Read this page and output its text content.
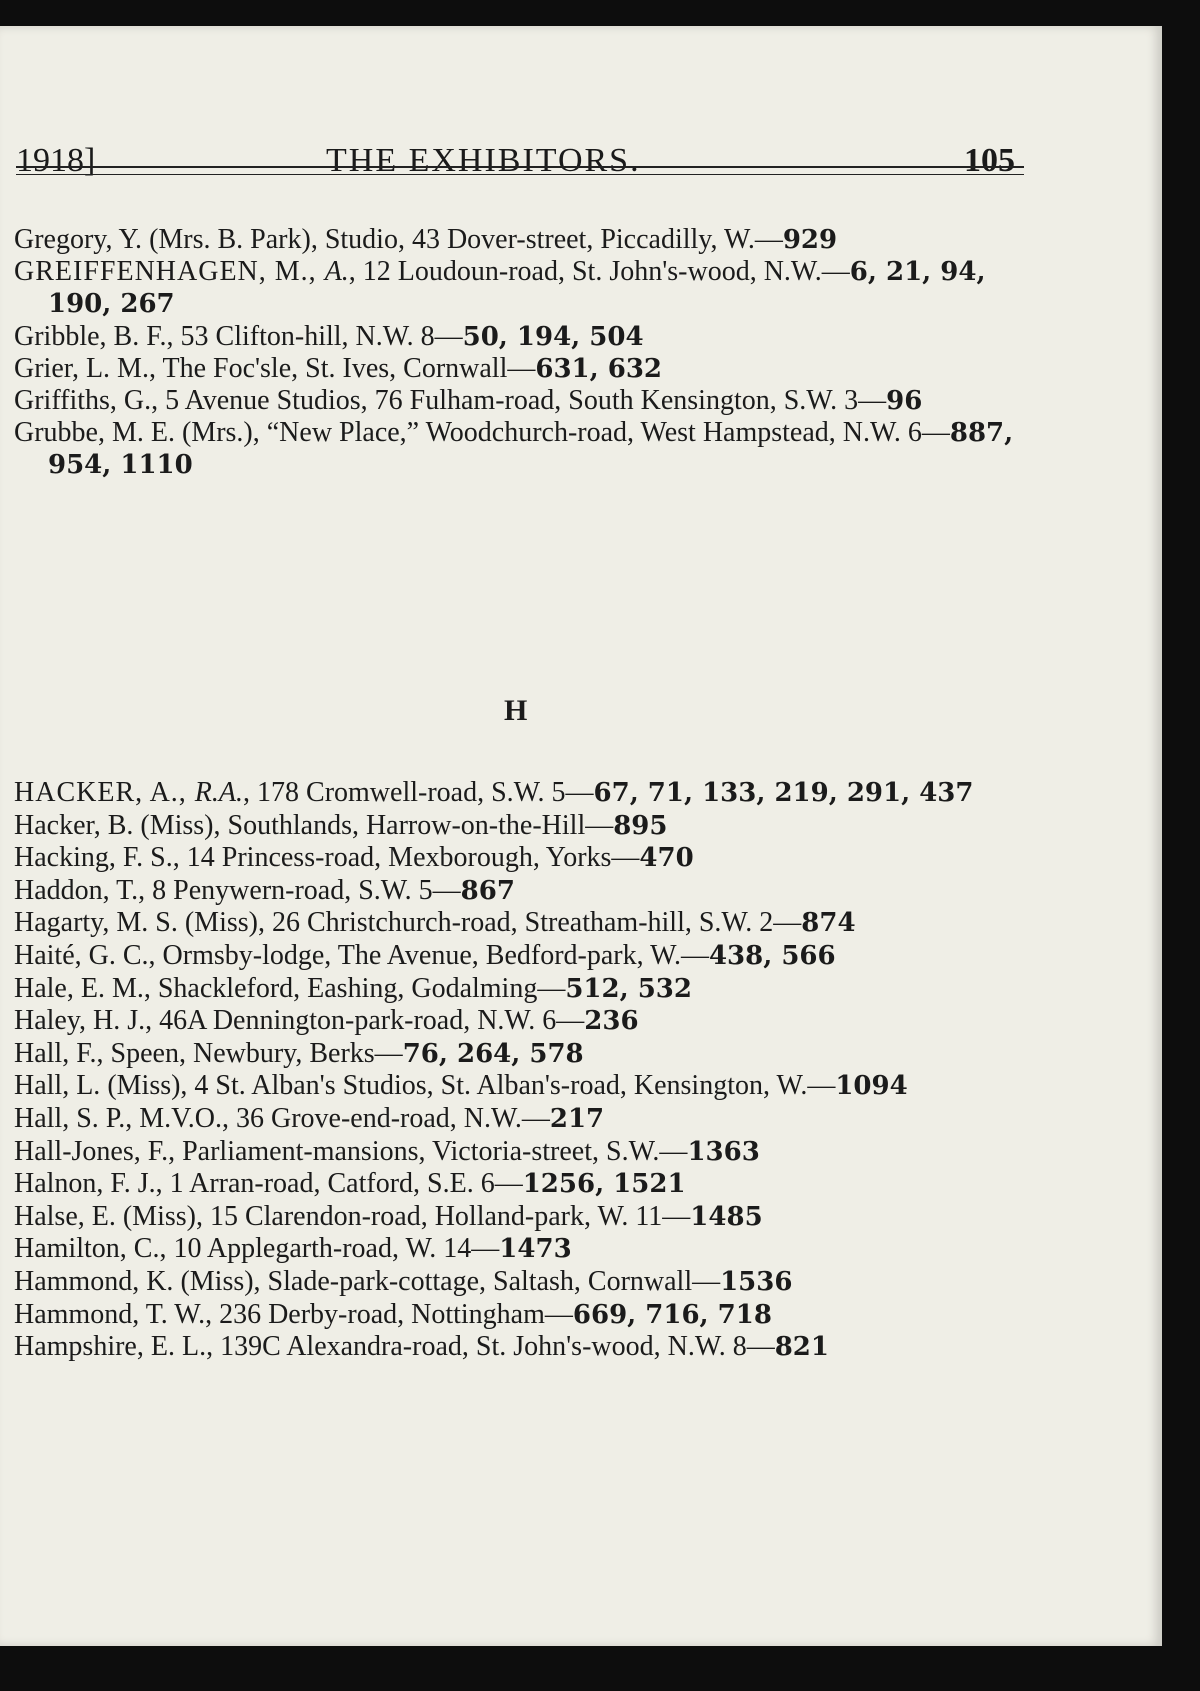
1918]	THE EXHIBITORS.	105

Gregory, Y. (Mrs. B. Park), Studio, 43 Dover-street, Piccadilly, W.—929

GREIFFENHAGEN, M., A., 12 Loudoun-road, St. John's-wood, N.W.—6, 21, 94, 190, 267

Gribble, B. F., 53 Clifton-hill, N.W. 8—50, 194, 504

Grier, L. M., The Foc'sle, St. Ives, Cornwall—631, 632

Griffiths, G., 5 Avenue Studios, 76 Fulham-road, South Kensington, S.W. 3—96

Grubbe, M. E. (Mrs.), “New Place,” Woodchurch-road, West Hampstead, N.W. 6—887, 954, 1110

H

HACKER, A., R.A., 178 Cromwell-road, S.W. 5—67, 71, 133, 219, 291, 437

Hacker, B. (Miss), Southlands, Harrow-on-the-Hill—895

Hacking, F. S., 14 Princess-road, Mexborough, Yorks—470

Haddon, T., 8 Penywern-road, S.W. 5—867

Hagarty, M. S. (Miss), 26 Christchurch-road, Streatham-hill, S.W. 2—874

Haité, G. C., Ormsby-lodge, The Avenue, Bedford-park, W.—438, 566

Hale, E. M., Shackleford, Eashing, Godalming—512, 532

Haley, H. J., 46A Dennington-park-road, N.W. 6—236

Hall, F., Speen, Newbury, Berks—76, 264, 578

Hall, L. (Miss), 4 St. Alban's Studios, St. Alban's-road, Kensington, W.—1094

Hall, S. P., M.V.O., 36 Grove-end-road, N.W.—217

Hall-Jones, F., Parliament-mansions, Victoria-street, S.W.—1363

Halnon, F. J., 1 Arran-road, Catford, S.E. 6—1256, 1521

Halse, E. (Miss), 15 Clarendon-road, Holland-park, W. 11—1485

Hamilton, C., 10 Applegarth-road, W. 14—1473

Hammond, K. (Miss), Slade-park-cottage, Saltash, Cornwall—1536

Hammond, T. W., 236 Derby-road, Nottingham—669, 716, 718

Hampshire, E. L., 139C Alexandra-road, St. John's-wood, N.W. 8—821
